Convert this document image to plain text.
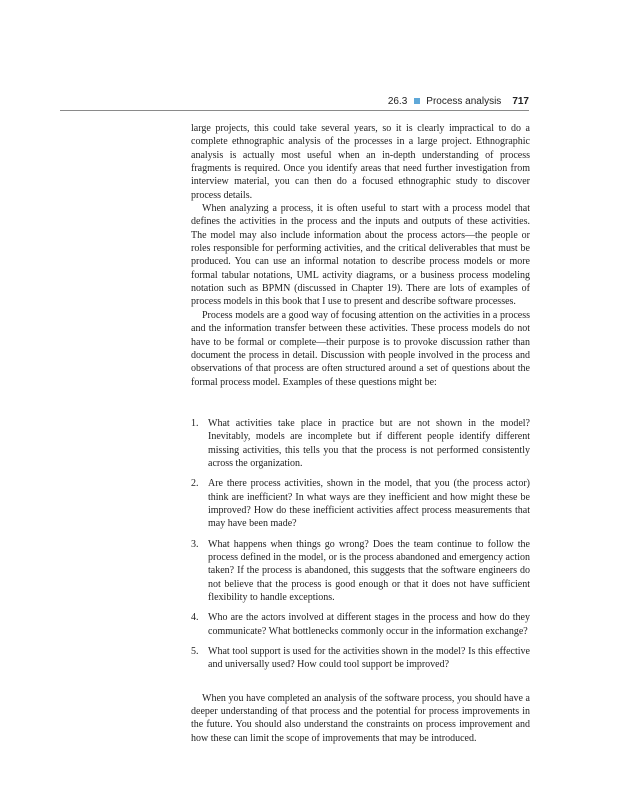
26.3 Process analysis 717

large projects, this could take several years, so it is clearly impractical to do a complete ethnographic analysis of the processes in a large project. Ethnographic analysis is actually most useful when an in-depth understanding of process fragments is required. Once you identify areas that need further investigation from interview material, you can then do a focused ethnographic study to discover process details.

When analyzing a process, it is often useful to start with a process model that defines the activities in the process and the inputs and outputs of these activities. The model may also include information about the process actors—the people or roles responsible for performing activities, and the critical deliverables that must be produced. You can use an informal notation to describe process models or more formal tabular notations, UML activity diagrams, or a business process modeling notation such as BPMN (discussed in Chapter 19). There are lots of examples of process models in this book that I use to present and describe software processes.

Process models are a good way of focusing attention on the activities in a process and the information transfer between these activities. These process models do not have to be formal or complete—their purpose is to provoke discussion rather than document the process in detail. Discussion with people involved in the process and observations of that process are often structured around a set of questions about the formal process model. Examples of these questions might be:

1. What activities take place in practice but are not shown in the model? Inevitably, models are incomplete but if different people identify different missing activities, this tells you that the process is not performed consistently across the organization.
2. Are there process activities, shown in the model, that you (the process actor) think are inefficient? In what ways are they inefficient and how might these be improved? How do these inefficient activities affect process measurements that may have been made?
3. What happens when things go wrong? Does the team continue to follow the process defined in the model, or is the process abandoned and emergency action taken? If the process is abandoned, this suggests that the software engineers do not believe that the process is good enough or that it does not have sufficient flexibility to handle exceptions.
4. Who are the actors involved at different stages in the process and how do they communicate? What bottlenecks commonly occur in the information exchange?
5. What tool support is used for the activities shown in the model? Is this effective and universally used? How could tool support be improved?

When you have completed an analysis of the software process, you should have a deeper understanding of that process and the potential for process improvements in the future. You should also understand the constraints on process improvement and how these can limit the scope of improvements that may be introduced.
